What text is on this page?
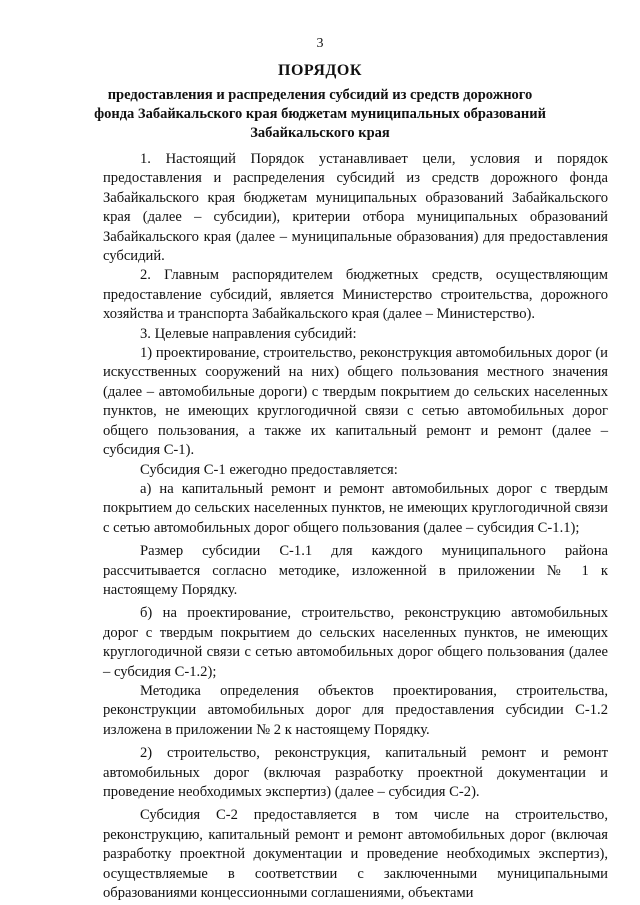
3
ПОРЯДОК
предоставления и распределения субсидий из средств дорожного
фонда Забайкальского края бюджетам муниципальных образований
Забайкальского края

1. Настоящий Порядок устанавливает цели, условия и порядок предоставления и распределения субсидий из средств дорожного фонда Забайкальского края бюджетам муниципальных образований Забайкальского края (далее – субсидии), критерии отбора муниципальных образований Забайкальского края (далее – муниципальные образования) для предоставления субсидий.

2. Главным распорядителем бюджетных средств, осуществляющим предоставление субсидий, является Министерство строительства, дорожного хозяйства и транспорта Забайкальского края (далее – Министерство).

3. Целевые направления субсидий:

1) проектирование, строительство, реконструкция автомобильных дорог (и искусственных сооружений на них) общего пользования местного значения (далее – автомобильные дороги) с твердым покрытием до сельских населенных пунктов, не имеющих круглогодичной связи с сетью автомобильных дорог общего пользования, а также их капитальный ремонт и ремонт (далее – субсидия С-1).

Субсидия С-1 ежегодно предоставляется:

а) на капитальный ремонт и ремонт автомобильных дорог с твердым покрытием до сельских населенных пунктов, не имеющих круглогодичной связи с сетью автомобильных дорог общего пользования (далее – субсидия С-1.1);

Размер субсидии С-1.1 для каждого муниципального района рассчитывается согласно методике, изложенной в приложении № 1 к настоящему Порядку.

б) на проектирование, строительство, реконструкцию автомобильных дорог с твердым покрытием до сельских населенных пунктов, не имеющих круглогодичной связи с сетью автомобильных дорог общего пользования (далее – субсидия С-1.2);

Методика определения объектов проектирования, строительства, реконструкции автомобильных дорог для предоставления субсидии С-1.2 изложена в приложении № 2 к настоящему Порядку.

2) строительство, реконструкция, капитальный ремонт и ремонт автомобильных дорог (включая разработку проектной документации и проведение необходимых экспертиз) (далее – субсидия С-2).

Субсидия С-2 предоставляется в том числе на строительство, реконструкцию, капитальный ремонт и ремонт автомобильных дорог (включая разработку проектной документации и проведение необходимых экспертиз), осуществляемые в соответствии с заключенными муниципальными образованиями концессионными соглашениями, объектами
